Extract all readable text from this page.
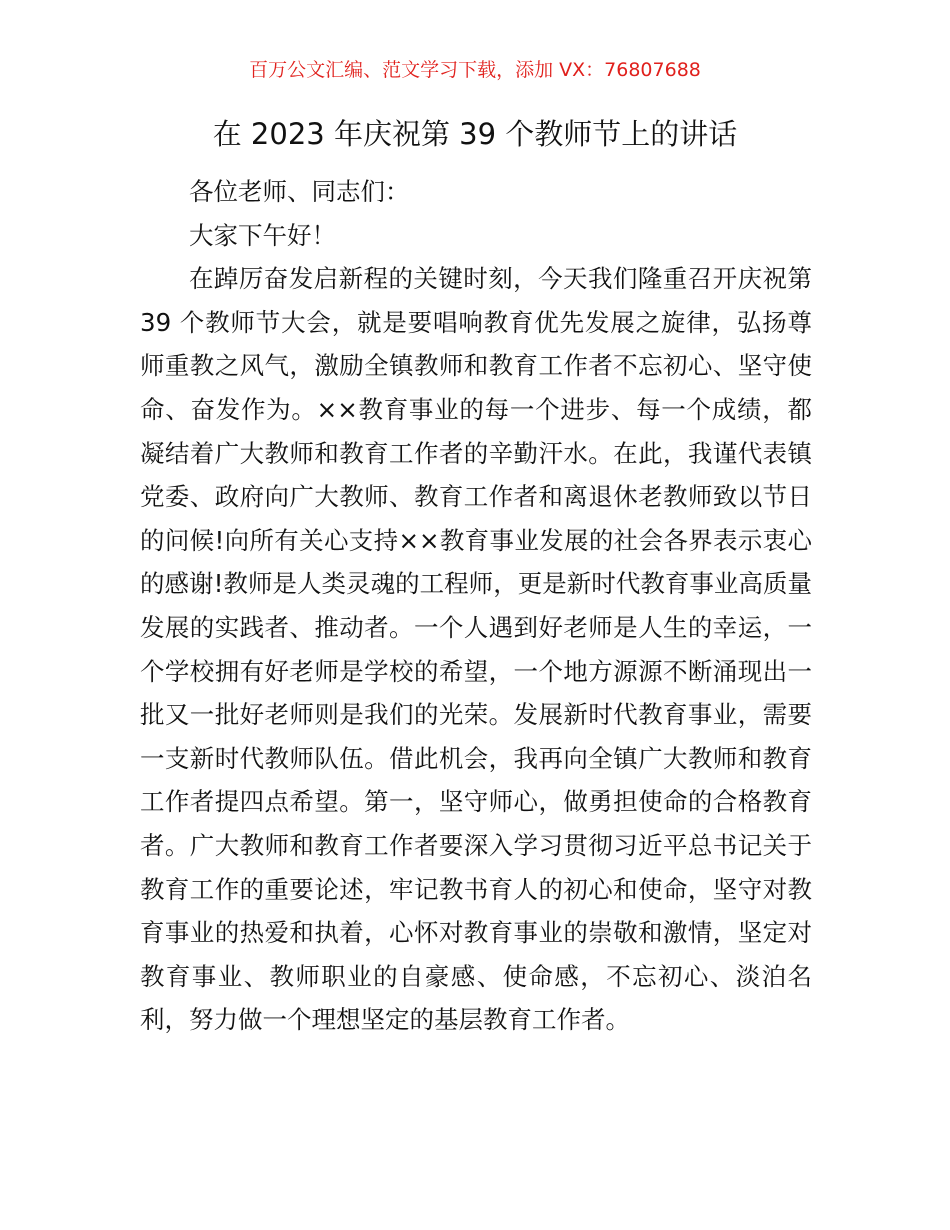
百万公文汇编、范文学习下载，添加 VX：76807688
在 2023 年庆祝第 39 个教师节上的讲话

各位老师、同志们：

大家下午好！

在踔厉奋发启新程的关键时刻，今天我们隆重召开庆祝第 39 个教师节大会，就是要唱响教育优先发展之旋律，弘扬尊师重教之风气，激励全镇教师和教育工作者不忘初心、坚守使命、奋发作为。××教育事业的每一个进步、每一个成绩，都凝结着广大教师和教育工作者的辛勤汗水。在此，我谨代表镇党委、政府向广大教师、教育工作者和离退休老教师致以节日的问候!向所有关心支持××教育事业发展的社会各界表示衷心的感谢!教师是人类灵魂的工程师，更是新时代教育事业高质量发展的实践者、推动者。一个人遇到好老师是人生的幸运，一个学校拥有好老师是学校的希望，一个地方源源不断涌现出一批又一批好老师则是我们的光荣。发展新时代教育事业，需要一支新时代教师队伍。借此机会，我再向全镇广大教师和教育工作者提四点希望。第一，坚守师心，做勇担使命的合格教育者。广大教师和教育工作者要深入学习贯彻习近平总书记关于教育工作的重要论述，牢记教书育人的初心和使命，坚守对教育事业的热爱和执着，心怀对教育事业的崇敬和激情，坚定对教育事业、教师职业的自豪感、使命感，不忘初心、淡泊名利，努力做一个理想坚定的基层教育工作者。
